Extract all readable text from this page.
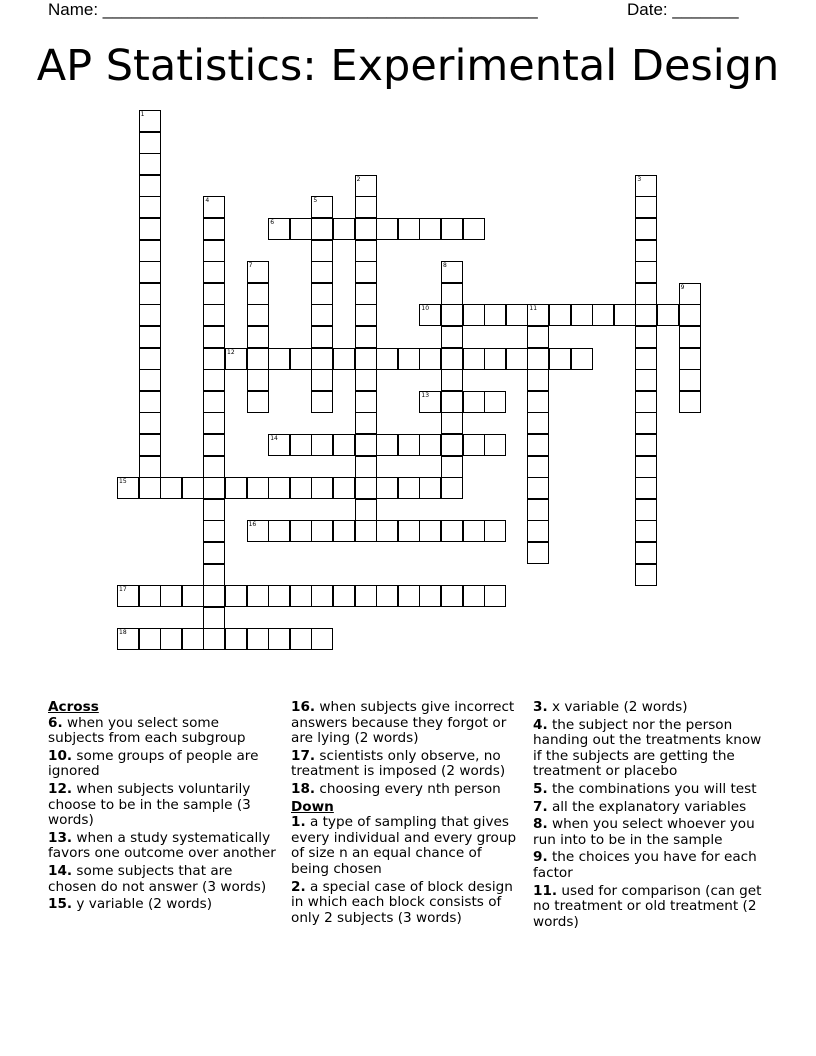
Name: ______________________________________________	Date: _______
AP Statistics: Experimental Design
1
2	3
4	5
6
7	8
9
10	11
12
13
14
15
16
17
18
Across
6. when you select some subjects from each subgroup
10. some groups of people are ignored
12. when subjects voluntarily choose to be in the sample (3 words)
13. when a study systematically favors one outcome over another
14. some subjects that are chosen do not answer (3 words)
15. y variable (2 words)
16. when subjects give incorrect answers because they forgot or are lying (2 words)
17. scientists only observe, no treatment is imposed (2 words)
18. choosing every nth person
Down
1. a type of sampling that gives every individual and every group of size n an equal chance of being chosen
2. a special case of block design in which each block consists of only 2 subjects (3 words)
3. x variable (2 words)
4. the subject nor the person handing out the treatments know if the subjects are getting the treatment or placebo
5. the combinations you will test
7. all the explanatory variables
8. when you select whoever you run into to be in the sample
9. the choices you have for each factor
11. used for comparison (can get no treatment or old treatment (2 words)
